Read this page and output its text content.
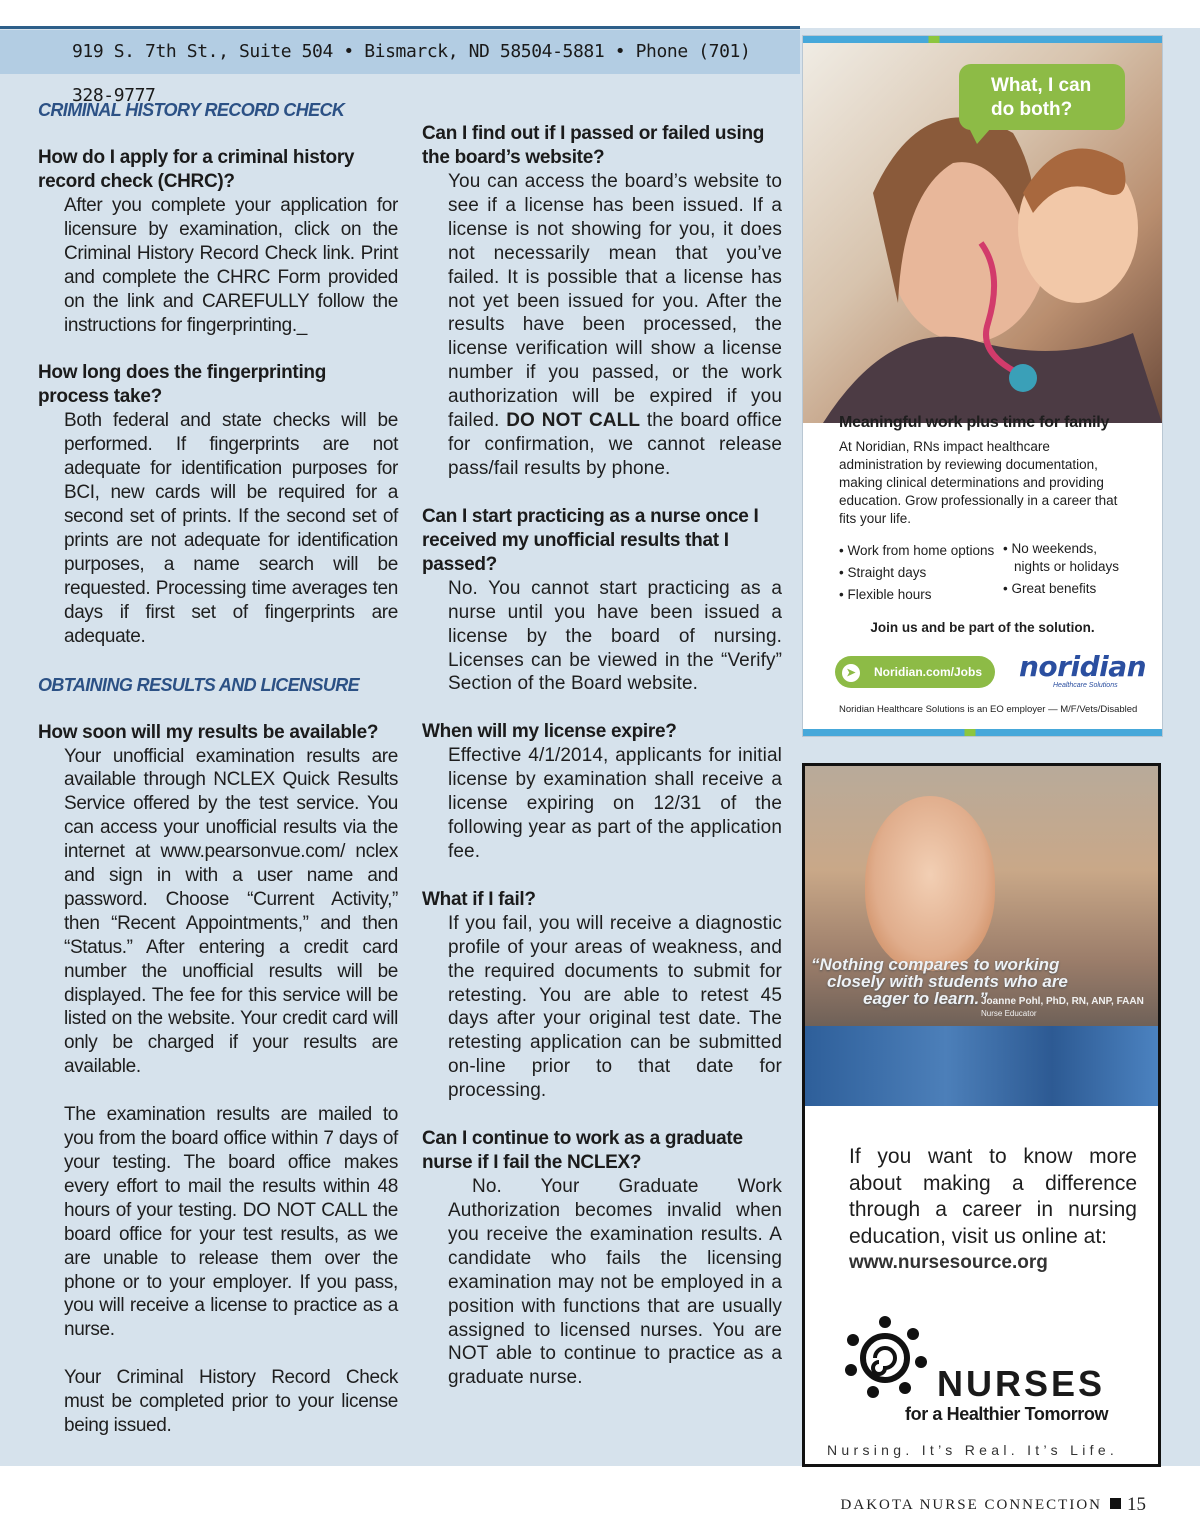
919 S. 7th St., Suite 504 • Bismarck, ND 58504-5881 • Phone (701) 328-9777

CRIMINAL HISTORY RECORD CHECK

How do I apply for a criminal history record check (CHRC)?

After you complete your application for licensure by examination, click on the Criminal History Record Check link. Print and complete the CHRC Form provided on the link and CAREFULLY follow the instructions for fingerprinting._

How long does the fingerprinting process take?

Both federal and state checks will be performed. If fingerprints are not adequate for identification purposes for BCI, new cards will be required for a second set of prints. If the second set of prints are not adequate for identification purposes, a name search will be requested. Processing time averages ten days if first set of fingerprints are adequate.

OBTAINING RESULTS AND LICENSURE

How soon will my results be available?

Your unofficial examination results are available through NCLEX Quick Results Service offered by the test service. You can access your unofficial results via the internet at www.pearsonvue.com/ nclex and sign in with a user name and password. Choose “Current Activity,” then “Recent Appointments,” and then “Status.” After entering a credit card number the unofficial results will be displayed. The fee for this service will be listed on the website. Your credit card will only be charged if your results are available.

The examination results are mailed to you from the board office within 7 days of your testing. The board office makes every effort to mail the results within 48 hours of your testing. DO NOT CALL the board office for your test results, as we are unable to release them over the phone or to your employer. If you pass, you will receive a license to practice as a nurse.

Your Criminal History Record Check must be completed prior to your license being issued.

Can I find out if I passed or failed using the board’s website?

You can access the board’s website to see if a license has been issued. If a license is not showing for you, it does not necessarily mean that you’ve failed. It is possible that a license has not yet been issued for you. After the results have been processed, the license verification will show a license number if you passed, or the work authorization will be expired if you failed. DO NOT CALL the board office for confirmation, we cannot release pass/fail results by phone.

Can I start practicing as a nurse once I received my unofficial results that I passed?

No. You cannot start practicing as a nurse until you have been issued a license by the board of nursing. Licenses can be viewed in the “Verify” Section of the Board website.

When will my license expire?

Effective 4/1/2014, applicants for initial license by examination shall receive a license expiring on 12/31 of the following year as part of the application fee.

What if I fail?

If you fail, you will receive a diagnostic profile of your areas of weakness, and the required documents to submit for retesting. You are able to retest 45 days after your original test date. The retesting application can be submitted on-line prior to that date for processing.

Can I continue to work as a graduate nurse if I fail the NCLEX?

No. Your Graduate Work Authorization becomes invalid when you receive the examination results. A candidate who fails the licensing examination may not be employed in a position with functions that are usually assigned to licensed nurses. You are NOT able to continue to practice as a graduate nurse.

What, I can
do both?
Meaningful work plus time for family
At Noridian, RNs impact healthcare administration by reviewing documentation, making clinical determinations and providing education. Grow professionally in a career that fits your life.
• Work from home options
• Straight days
• Flexible hours
• No weekends,
nights or holidays
• Great benefits
Join us and be part of the solution.
➤ Noridian.com/Jobs	noridian
Healthcare Solutions
Noridian Healthcare Solutions is an EO employer — M/F/Vets/Disabled
“Nothing compares to working
closely with students who are
eager to learn.”
Joanne Pohl, PhD, RN, ANP, FAAN
Nurse Educator
If you want to know more about making a difference through a career in nursing education, visit us online at:
www.nursesource.org
NURSES
for a Healthier Tomorrow
Nursing. It’s Real. It’s Life.
DAKOTA NURSE CONNECTION 15
